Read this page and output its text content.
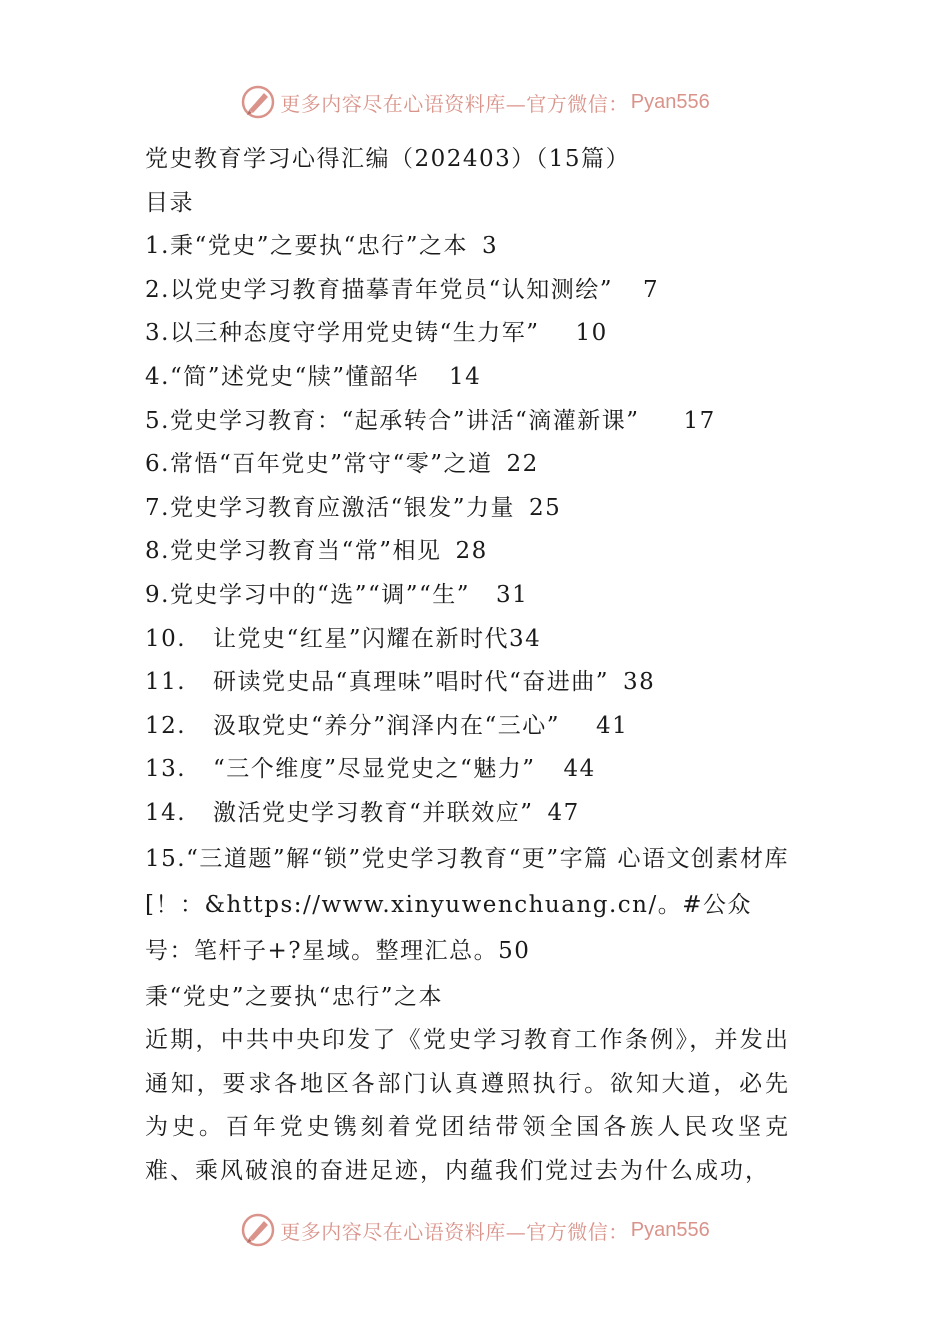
更多内容尽在心语资料库—官方微信： Pyan556
党史教育学习心得汇编（202403）（15篇）
目录
1. 秉“党史”之要执“忠行”之本 3
2. 以党史学习教育描摹青年党员“认知测绘” 7
3. 以三种态度守学用党史铸“生力军” 10
4. “简”述党史“牍”懂韶华 14
5. 党史学习教育：“起承转合”讲活“滴灌新课” 17
6. 常悟“百年党史”常守“零”之道 22
7. 党史学习教育应激活“银发”力量 25
8. 党史学习教育当“常”相见 28
9. 党史学习中的“选”“调”“生” 31
10.	让党史“红星”闪耀在新时代 34
11.	研读党史品“真理味”唱时代“奋进曲” 38
12.	汲取党史“养分”润泽内在“三心” 41
13.	“三个维度”尽显党史之“魅力” 44
14.	激活党史学习教育“并联效应” 47
15.“三道题”解“锁”党史学习教育“更”字篇 心语文创素材库[！：&https://www.xinyuwenchuang.cn/。#公众号：笔杆子+?星域。整理汇总。50
秉“党史”之要执“忠行”之本
近期，中共中央印发了《党史学习教育工作条例》，并发出通知，要求各地区各部门认真遵照执行。欲知大道，必先为史。百年党史镌刻着党团结带领全国各族人民攻坚克难、乘风破浪的奋进足迹，内蕴我们党过去为什么成功，
更多内容尽在心语资料库—官方微信： Pyan556
